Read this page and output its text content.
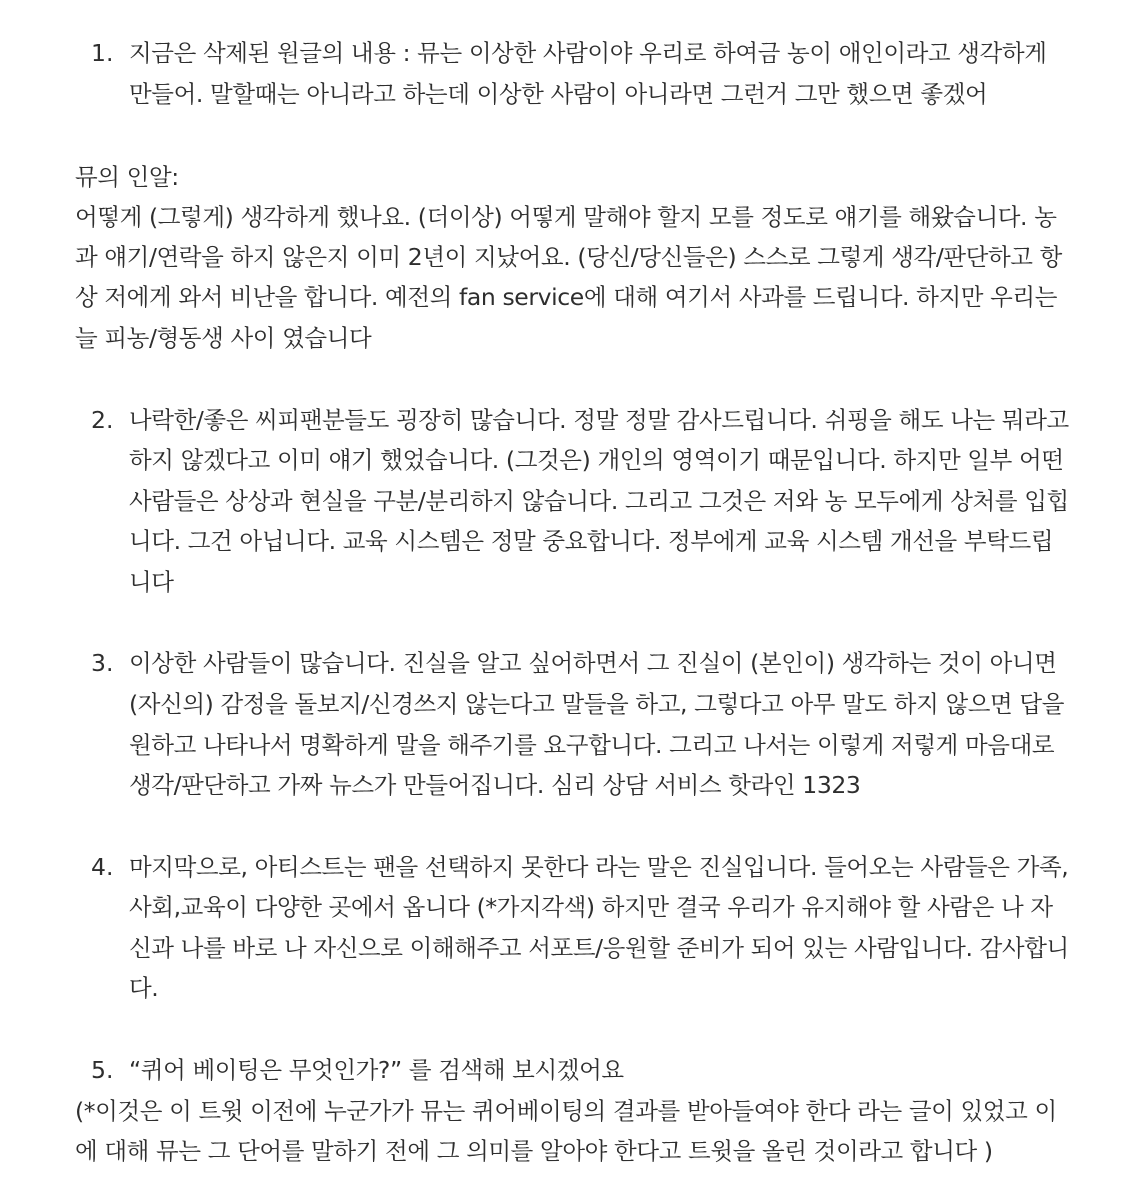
1. 지금은 삭제된 원글의 내용 : 뮤는 이상한 사람이야 우리로 하여금 농이 애인이라고 생각하게
만들어. 말할때는 아니라고 하는데 이상한 사람이 아니라면 그런거 그만 했으면 좋겠어
뮤의 인알:
어떻게 (그렇게) 생각하게 했나요. (더이상) 어떻게 말해야 할지 모를 정도로 얘기를 해왔습니다. 농
과 얘기/연락을 하지 않은지 이미 2년이 지났어요. (당신/당신들은) 스스로 그렇게 생각/판단하고 항
상 저에게 와서 비난을 합니다. 예전의 fan service에 대해 여기서 사과를 드립니다. 하지만 우리는
늘 피농/형동생 사이 였습니다
2. 나락한/좋은 씨피팬분들도 굉장히 많습니다. 정말 정말 감사드립니다. 쉬핑을 해도 나는 뭐라고
하지 않겠다고 이미 얘기 했었습니다. (그것은) 개인의 영역이기 때문입니다. 하지만 일부 어떤
사람들은 상상과 현실을 구분/분리하지 않습니다. 그리고 그것은 저와 농 모두에게 상처를 입힙
니다. 그건 아닙니다. 교육 시스템은 정말 중요합니다. 정부에게 교육 시스템 개선을 부탁드립
니다
3. 이상한 사람들이 많습니다. 진실을 알고 싶어하면서 그 진실이 (본인이) 생각하는 것이 아니면
(자신의) 감정을 돌보지/신경쓰지 않는다고 말들을 하고, 그렇다고 아무 말도 하지 않으면 답을
원하고 나타나서 명확하게 말을 해주기를 요구합니다. 그리고 나서는 이렇게 저렇게 마음대로
생각/판단하고 가짜 뉴스가 만들어집니다. 심리 상담 서비스 핫라인 1323
4. 마지막으로, 아티스트는 팬을 선택하지 못한다 라는 말은 진실입니다. 들어오는 사람들은 가족,
사회,교육이 다양한 곳에서 옵니다 (*가지각색) 하지만 결국 우리가 유지해야 할 사람은 나 자
신과 나를 바로 나 자신으로 이해해주고 서포트/응원할 준비가 되어 있는 사람입니다. 감사합니
다.
5. “퀴어 베이팅은 무엇인가?” 를 검색해 보시겠어요
(*이것은 이 트윗 이전에 누군가가 뮤는 퀴어베이팅의 결과를 받아들여야 한다 라는 글이 있었고 이
에 대해 뮤는 그 단어를 말하기 전에 그 의미를 알아야 한다고 트윗을 올린 것이라고 합니다 )
